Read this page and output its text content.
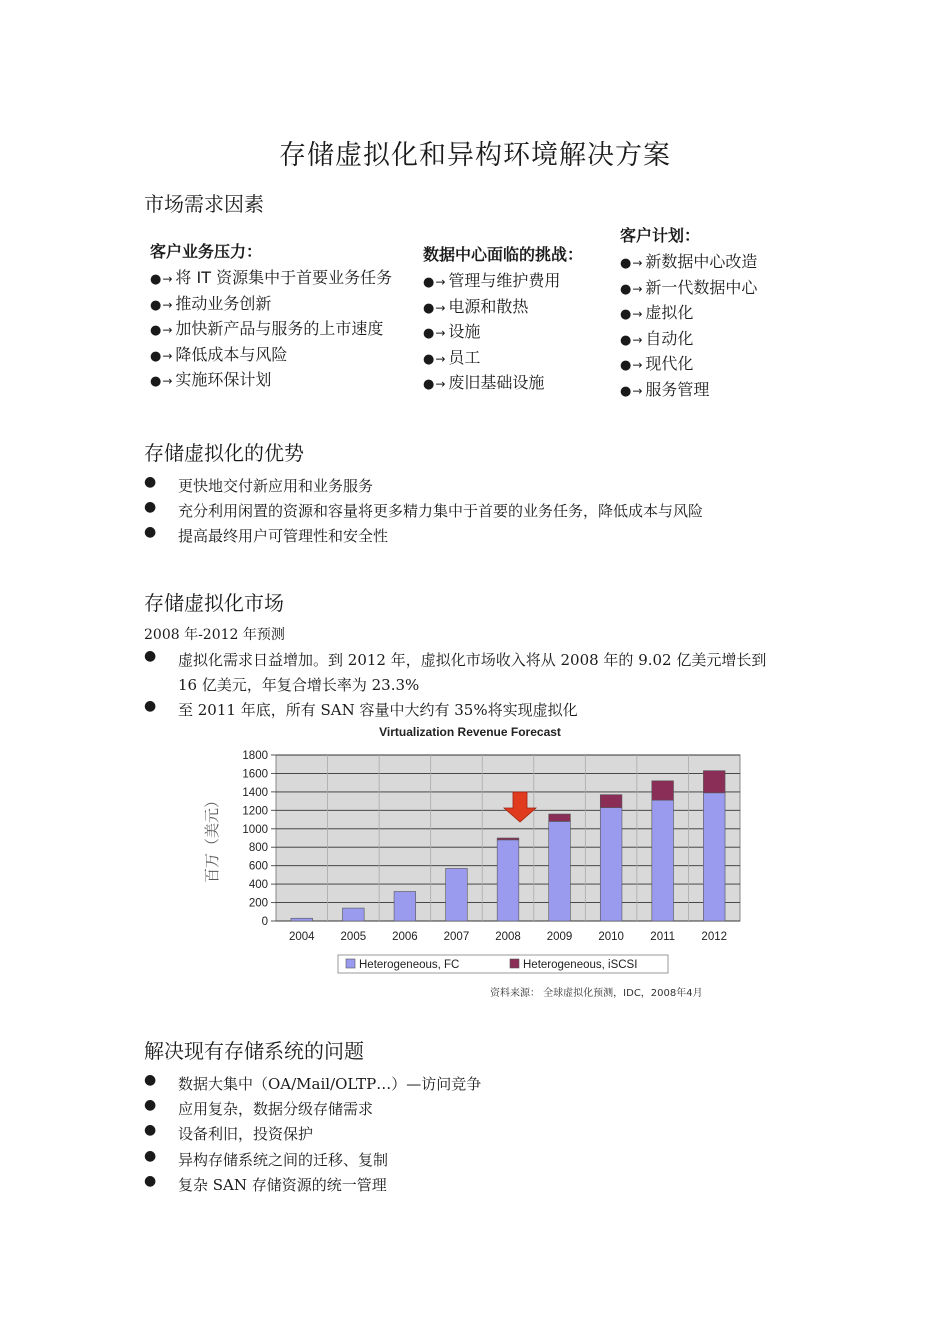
存储虚拟化和异构环境解决方案
市场需求因素
客户业务压力：
●→ 将 IT 资源集中于首要业务任务
●→ 推动业务创新
●→ 加快新产品与服务的上市速度
●→ 降低成本与风险
●→ 实施环保计划
数据中心面临的挑战：
●→ 管理与维护费用
●→ 电源和散热
●→ 设施
●→ 员工
●→ 废旧基础设施
客户计划：
●→ 新数据中心改造
●→ 新一代数据中心
●→ 虚拟化
●→ 自动化
●→ 现代化
●→ 服务管理
存储虚拟化的优势
● 更快地交付新应用和业务服务
● 充分利用闲置的资源和容量将更多精力集中于首要的业务任务，降低成本与风险
● 提高最终用户可管理性和安全性
存储虚拟化市场
2008 年-2012 年预测
● 虚拟化需求日益增加。到 2012 年，虚拟化市场收入将从 2008 年的 9.02 亿美元增长到
16 亿美元，年复合增长率为 23.3%
● 至 2011 年底，所有 SAN 容量中大约有 35%将实现虚拟化
Virtualization Revenue Forecast
0
200
400
600
800
1000
1200
1400
1600
1800
2004 2005 2006 2007 2008 2009 2010 2011 2012
百万（美元）
Heterogeneous, FC	Heterogeneous, iSCSI
资料来源： 全球虚拟化预测，IDC，2008年4月
解决现有存储系统的问题
● 数据大集中（OA/Mail/OLTP…）—访问竞争
● 应用复杂，数据分级存储需求
● 设备利旧，投资保护
● 异构存储系统之间的迁移、复制
● 复杂 SAN 存储资源的统一管理
